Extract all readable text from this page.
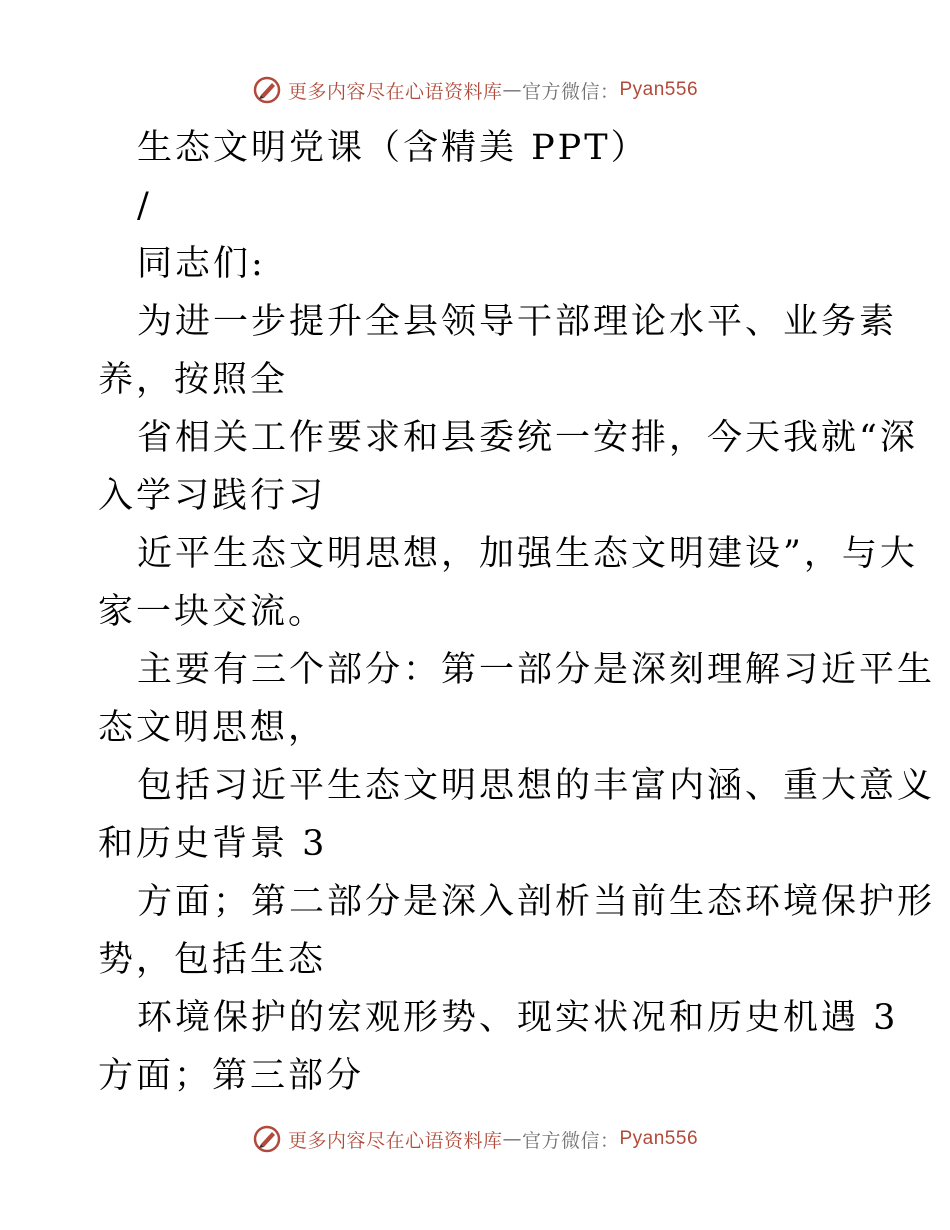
更多内容尽在心语资料库 — 官方微信： Pyan556
生态文明党课（含精美 PPT）
/
同志们:
为进一步提升全县领导干部理论水平、业务素
养，按照全
省相关工作要求和县委统一安排，今天我就“深
入学习践行习
近平生态文明思想，加强生态文明建设”，与大
家一块交流。
主要有三个部分：第一部分是深刻理解习近平生
态文明思想，
包括习近平生态文明思想的丰富内涵、重大意义
和历史背景 3
方面；第二部分是深入剖析当前生态环境保护形
势，包括生态
环境保护的宏观形势、现实状况和历史机遇 3
方面；第三部分
更多内容尽在心语资料库 — 官方微信： Pyan556
